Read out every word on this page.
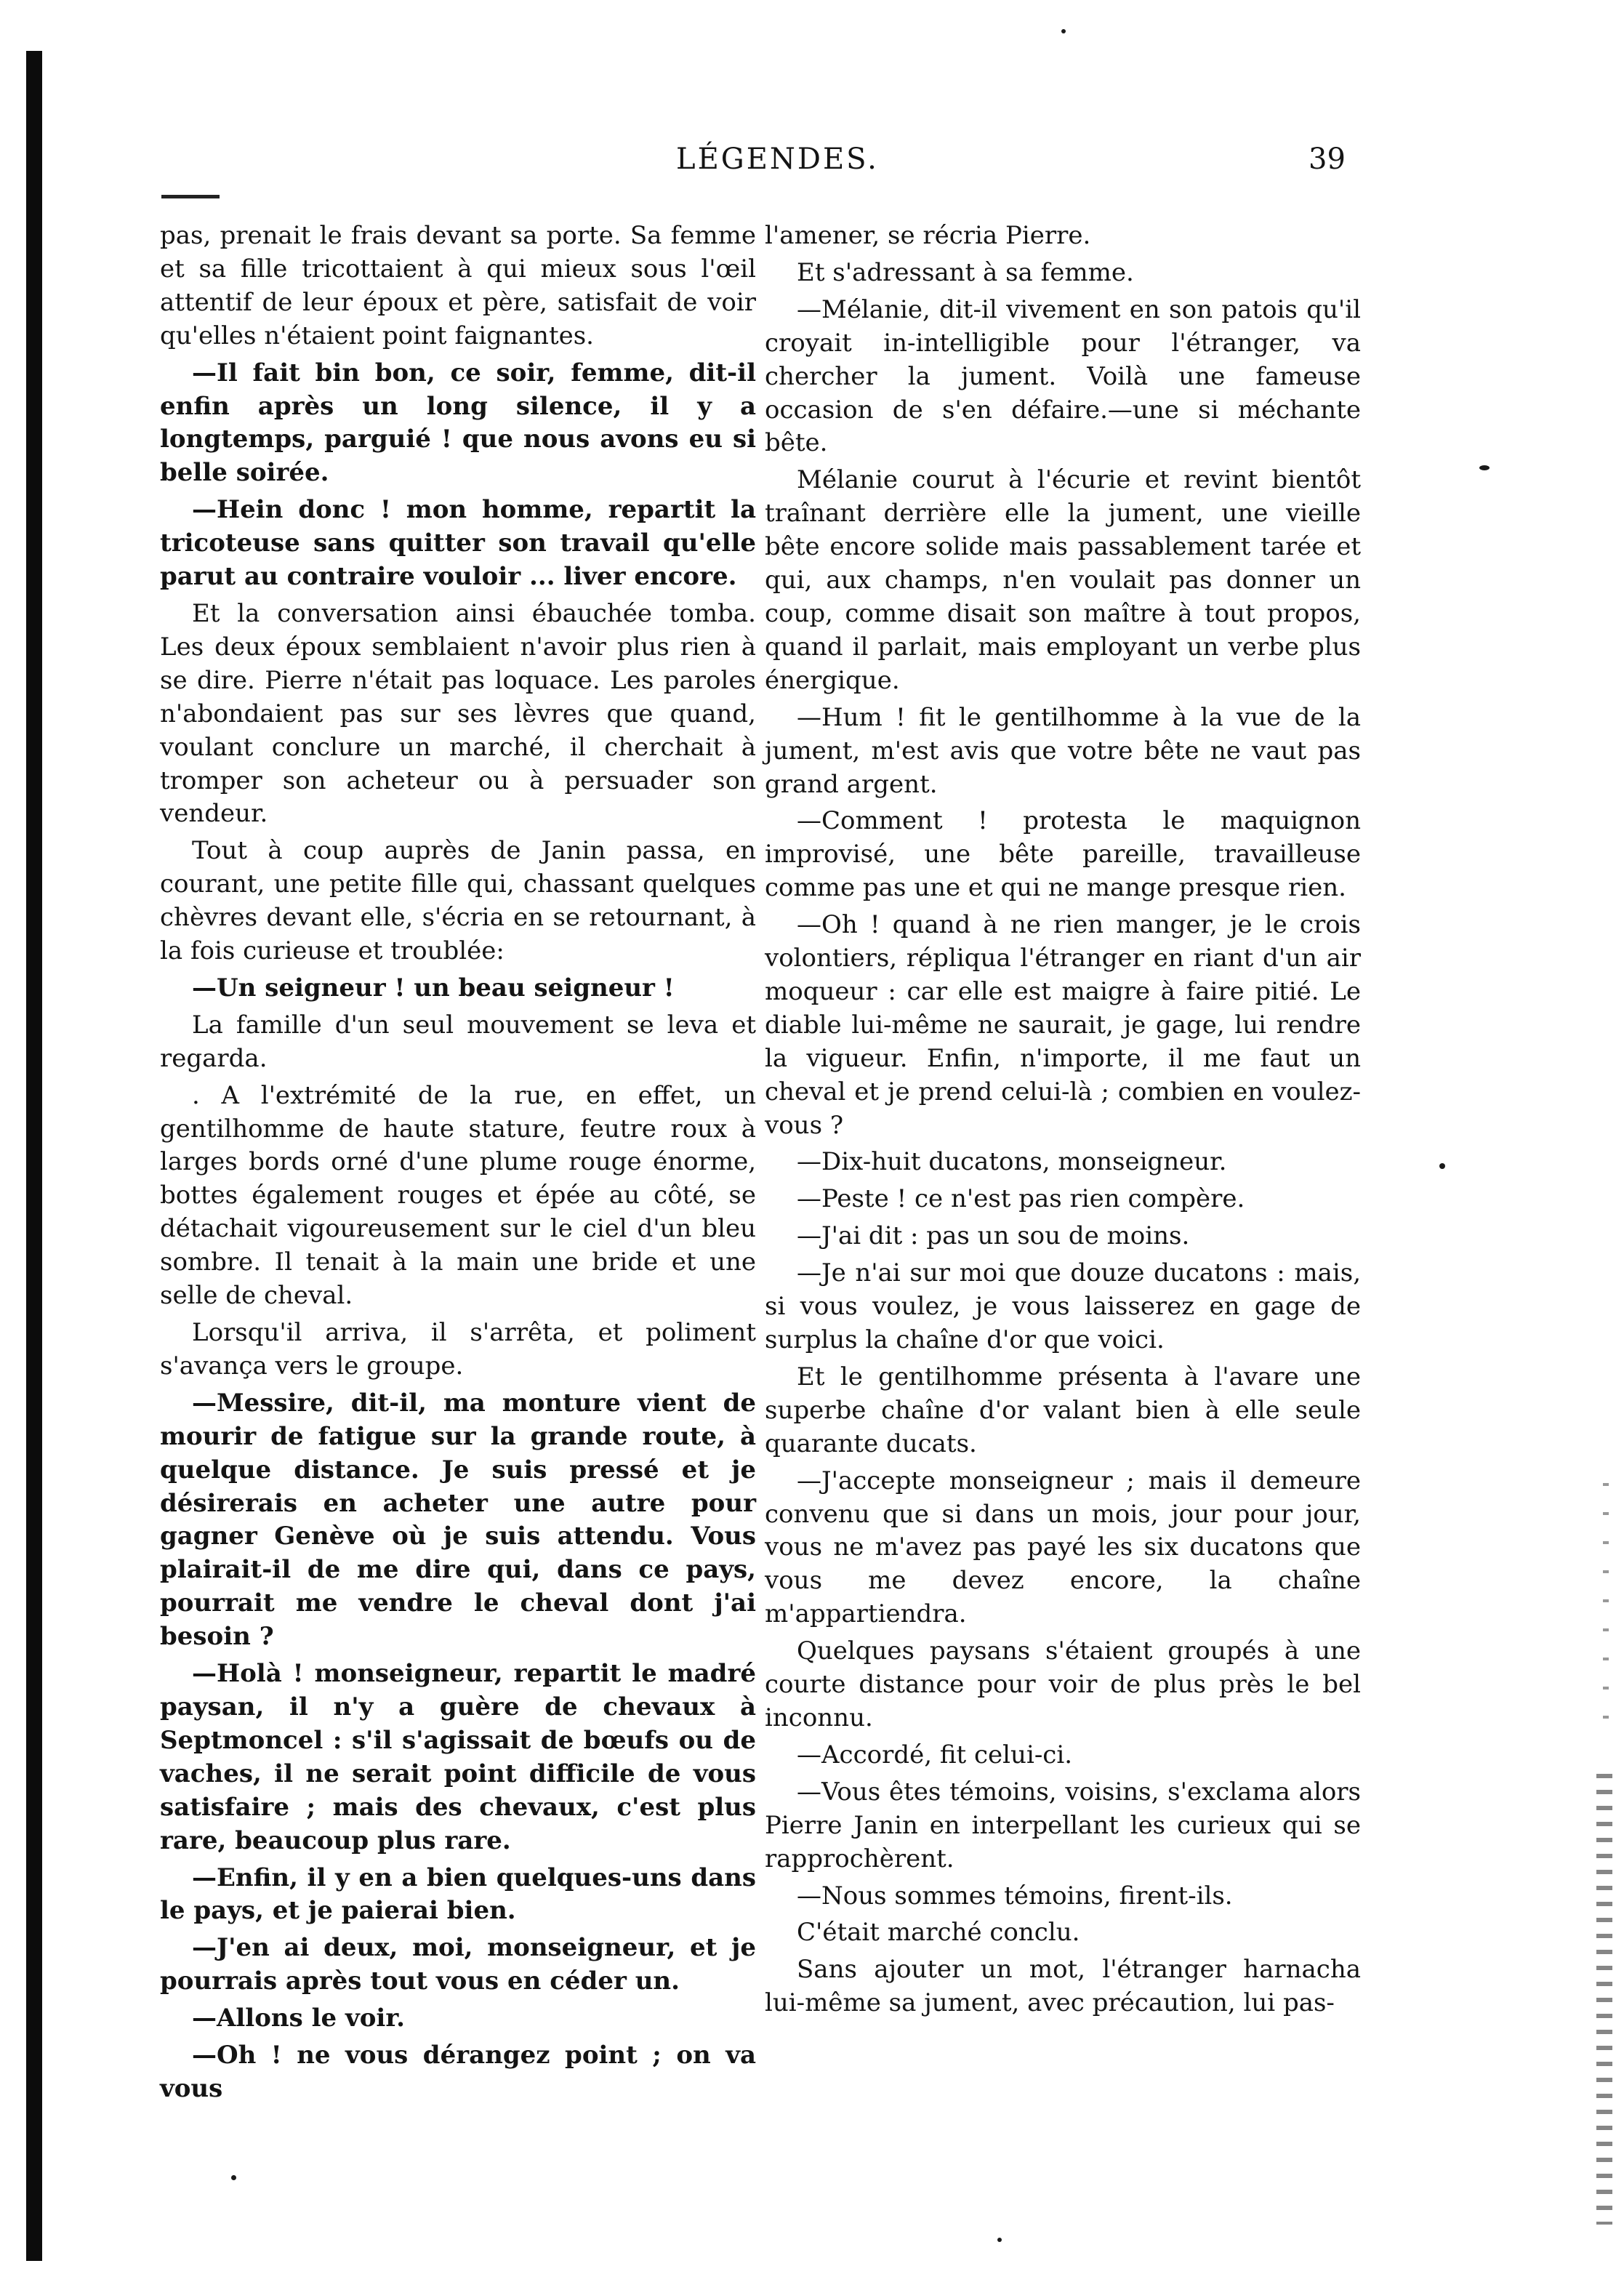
LÉGENDES.	39

pas, prenait le frais devant sa porte. Sa femme et sa fille tricottaient à qui mieux sous l'œil attentif de leur époux et père, satisfait de voir qu'elles n'étaient point faignantes.

—Il fait bin bon, ce soir, femme, dit-il enfin après un long silence, il y a longtemps, parguié ! que nous avons eu si belle soirée.

—Hein donc ! mon homme, repartit la tricoteuse sans quitter son travail qu'elle parut au contraire vouloir ... liver encore.

Et la conversation ainsi ébauchée tomba. Les deux époux semblaient n'avoir plus rien à se dire. Pierre n'était pas loquace. Les paroles n'abondaient pas sur ses lèvres que quand, voulant conclure un marché, il cherchait à tromper son acheteur ou à persuader son vendeur.

Tout à coup auprès de Janin passa, en courant, une petite fille qui, chassant quelques chèvres devant elle, s'écria en se retournant, à la fois curieuse et troublée:

—Un seigneur ! un beau seigneur !

La famille d'un seul mouvement se leva et regarda.

. A l'extrémité de la rue, en effet, un gentilhomme de haute stature, feutre roux à larges bords orné d'une plume rouge énorme, bottes également rouges et épée au côté, se détachait vigoureusement sur le ciel d'un bleu sombre. Il tenait à la main une bride et une selle de cheval.

Lorsqu'il arriva, il s'arrêta, et poliment s'avança vers le groupe.

—Messire, dit-il, ma monture vient de mourir de fatigue sur la grande route, à quelque distance. Je suis pressé et je désirerais en acheter une autre pour gagner Genève où je suis attendu. Vous plairait-il de me dire qui, dans ce pays, pourrait me vendre le cheval dont j'ai besoin ?

—Holà ! monseigneur, repartit le madré paysan, il n'y a guère de chevaux à Septmoncel : s'il s'agissait de bœufs ou de vaches, il ne serait point difficile de vous satisfaire ; mais des chevaux, c'est plus rare, beaucoup plus rare.

—Enfin, il y en a bien quelques-uns dans le pays, et je paierai bien.

—J'en ai deux, moi, monseigneur, et je pourrais après tout vous en céder un.

—Allons le voir.

—Oh ! ne vous dérangez point ; on va vous

l'amener, se récria Pierre.

Et s'adressant à sa femme.

—Mélanie, dit-il vivement en son patois qu'il croyait in-intelligible pour l'étranger, va chercher la jument. Voilà une fameuse occasion de s'en défaire.—une si méchante bête.

Mélanie courut à l'écurie et revint bientôt traînant derrière elle la jument, une vieille bête encore solide mais passablement tarée et qui, aux champs, n'en voulait pas donner un coup, comme disait son maître à tout propos, quand il parlait, mais employant un verbe plus énergique.

—Hum ! fit le gentilhomme à la vue de la jument, m'est avis que votre bête ne vaut pas grand argent.

—Comment ! protesta le maquignon improvisé, une bête pareille, travailleuse comme pas une et qui ne mange presque rien.

—Oh ! quand à ne rien manger, je le crois volontiers, répliqua l'étranger en riant d'un air moqueur : car elle est maigre à faire pitié. Le diable lui-même ne saurait, je gage, lui rendre la vigueur. Enfin, n'importe, il me faut un cheval et je prend celui-là ; combien en voulez-vous ?

—Dix-huit ducatons, monseigneur.

—Peste ! ce n'est pas rien compère.

—J'ai dit : pas un sou de moins.

—Je n'ai sur moi que douze ducatons : mais, si vous voulez, je vous laisserez en gage de surplus la chaîne d'or que voici.

Et le gentilhomme présenta à l'avare une superbe chaîne d'or valant bien à elle seule quarante ducats.

—J'accepte monseigneur ; mais il demeure convenu que si dans un mois, jour pour jour, vous ne m'avez pas payé les six ducatons que vous me devez encore, la chaîne m'appartiendra.

Quelques paysans s'étaient groupés à une courte distance pour voir de plus près le bel inconnu.

—Accordé, fit celui-ci.

—Vous êtes témoins, voisins, s'exclama alors Pierre Janin en interpellant les curieux qui se rapprochèrent.

—Nous sommes témoins, firent-ils.

C'était marché conclu.

Sans ajouter un mot, l'étranger harnacha lui-même sa jument, avec précaution, lui pas-
